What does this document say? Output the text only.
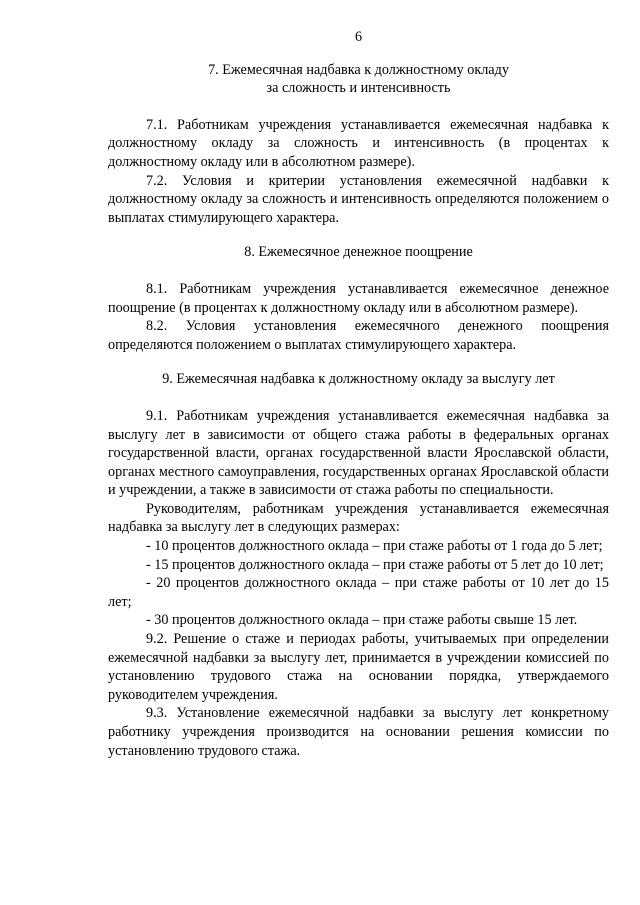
6
7. Ежемесячная надбавка к должностному окладу
за сложность и интенсивность

7.1. Работникам учреждения устанавливается ежемесячная надбавка к должностному окладу за сложность и интенсивность (в процентах к должностному окладу или в абсолютном размере).

7.2. Условия и критерии установления ежемесячной надбавки к должностному окладу за сложность и интенсивность определяются положением о выплатах стимулирующего характера.

8. Ежемесячное денежное поощрение

8.1. Работникам учреждения устанавливается ежемесячное денежное поощрение (в процентах к должностному окладу или в абсолютном размере).

8.2. Условия установления ежемесячного денежного поощрения определяются положением о выплатах стимулирующего характера.

9. Ежемесячная надбавка к должностному окладу за выслугу лет

9.1. Работникам учреждения устанавливается ежемесячная надбавка за выслугу лет в зависимости от общего стажа работы в федеральных органах государственной власти, органах государственной власти Ярославской области, органах местного самоуправления, государственных органах Ярославской области и учреждении, а также в зависимости от стажа работы по специальности.

Руководителям, работникам учреждения устанавливается ежемесячная надбавка за выслугу лет в следующих размерах:

- 10 процентов должностного оклада – при стаже работы от 1 года до 5 лет;

- 15 процентов должностного оклада – при стаже работы от 5 лет до 10 лет;

- 20 процентов должностного оклада – при стаже работы от 10 лет до 15 лет;

- 30 процентов должностного оклада – при стаже работы свыше 15 лет.

9.2. Решение о стаже и периодах работы, учитываемых при определении ежемесячной надбавки за выслугу лет, принимается в учреждении комиссией по установлению трудового стажа на основании порядка, утверждаемого руководителем учреждения.

9.3. Установление ежемесячной надбавки за выслугу лет конкретному работнику учреждения производится на основании решения комиссии по установлению трудового стажа.
